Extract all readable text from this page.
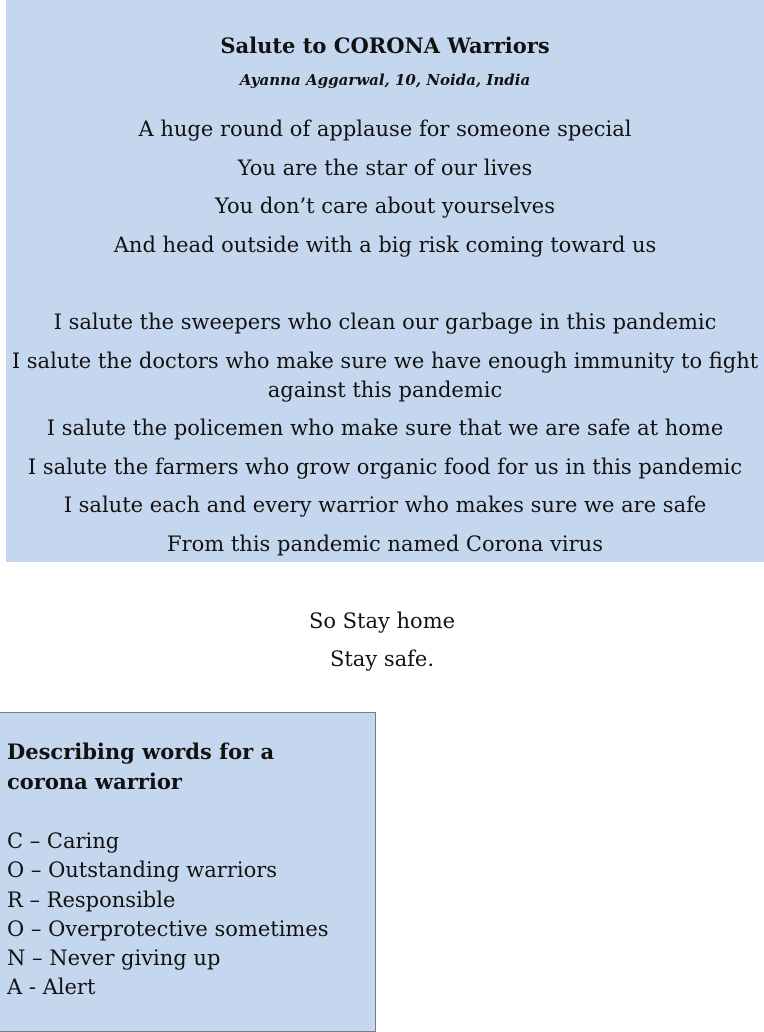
Salute to CORONA Warriors
Ayanna Aggarwal, 10, Noida, India
A huge round of applause for someone special
You are the star of our lives
You don’t care about yourselves
And head outside with a big risk coming toward us
I salute the sweepers who clean our garbage in this pandemic
I salute the doctors who make sure we have enough immunity to fight against this pandemic
I salute the policemen who make sure that we are safe at home
I salute the farmers who grow organic food for us in this pandemic
I salute each and every warrior who makes sure we are safe
From this pandemic named Corona virus
So Stay home
Stay safe.
Describing words for a corona warrior
C – Caring
O – Outstanding warriors
R – Responsible
O – Overprotective sometimes
N – Never giving up
A - Alert
